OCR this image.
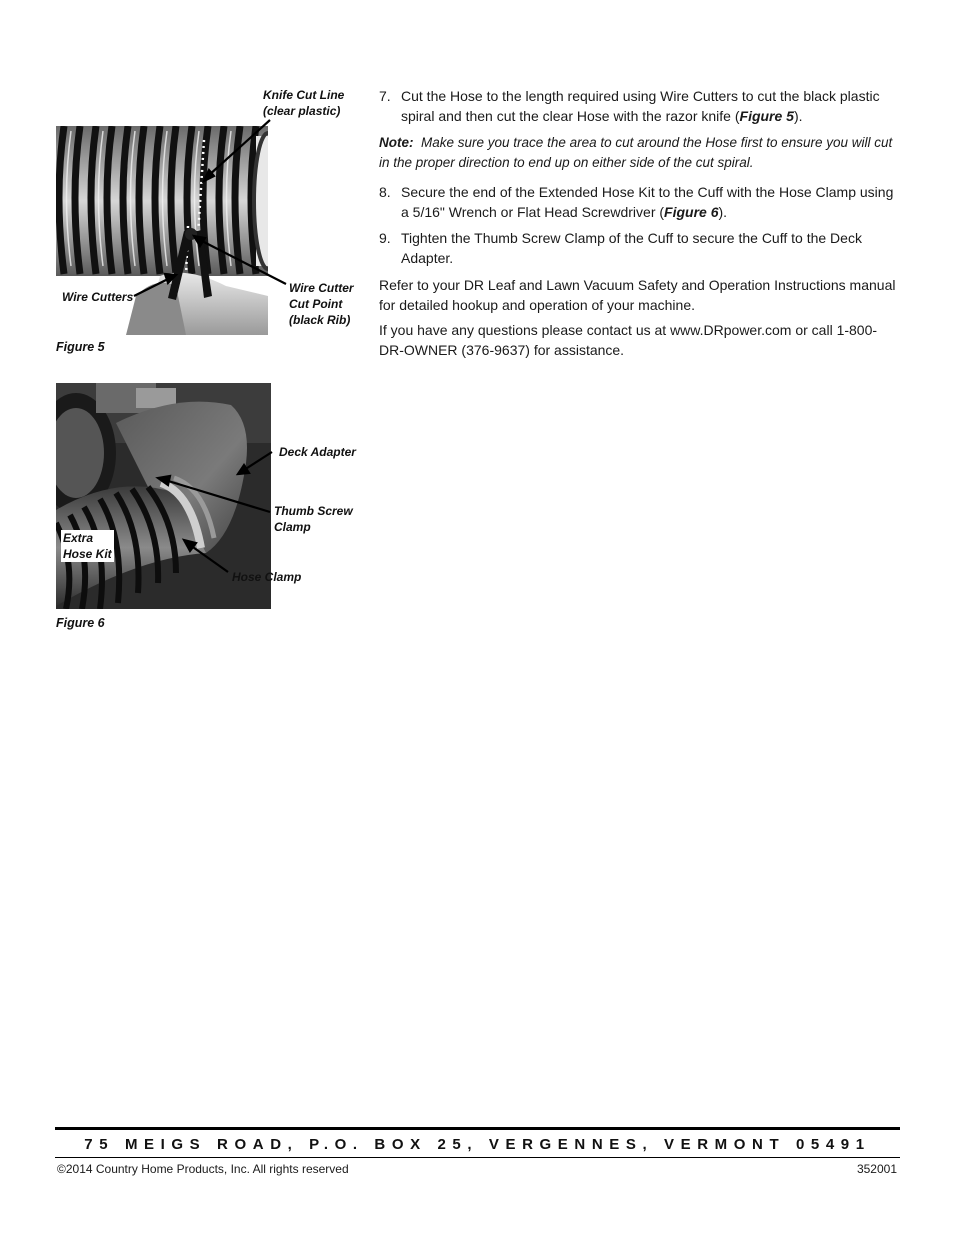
Knife Cut Line
(clear plastic)
Wire Cutters
Wire Cutter
Cut Point
(black Rib)
Figure 5
Deck Adapter
Thumb Screw
Clamp
Extra
Hose Kit
Hose Clamp
Figure 6
7. Cut the Hose to the length required using Wire Cutters to cut the black plastic spiral and then cut the clear Hose with the razor knife (Figure 5).
Note: Make sure you trace the area to cut around the Hose first to ensure you will cut in the proper direction to end up on either side of the cut spiral.
8. Secure the end of the Extended Hose Kit to the Cuff with the Hose Clamp using a 5/16" Wrench or Flat Head Screwdriver (Figure 6).
9. Tighten the Thumb Screw Clamp of the Cuff to secure the Cuff to the Deck Adapter.
Refer to your DR Leaf and Lawn Vacuum Safety and Operation Instructions manual for detailed hookup and operation of your machine.
If you have any questions please contact us at www.DRpower.com or call 1-800-DR-OWNER (376-9637) for assistance.
75 MEIGS ROAD, P.O. BOX 25, VERGENNES, VERMONT 05491
©2014 Country Home Products, Inc. All rights reserved	352001
